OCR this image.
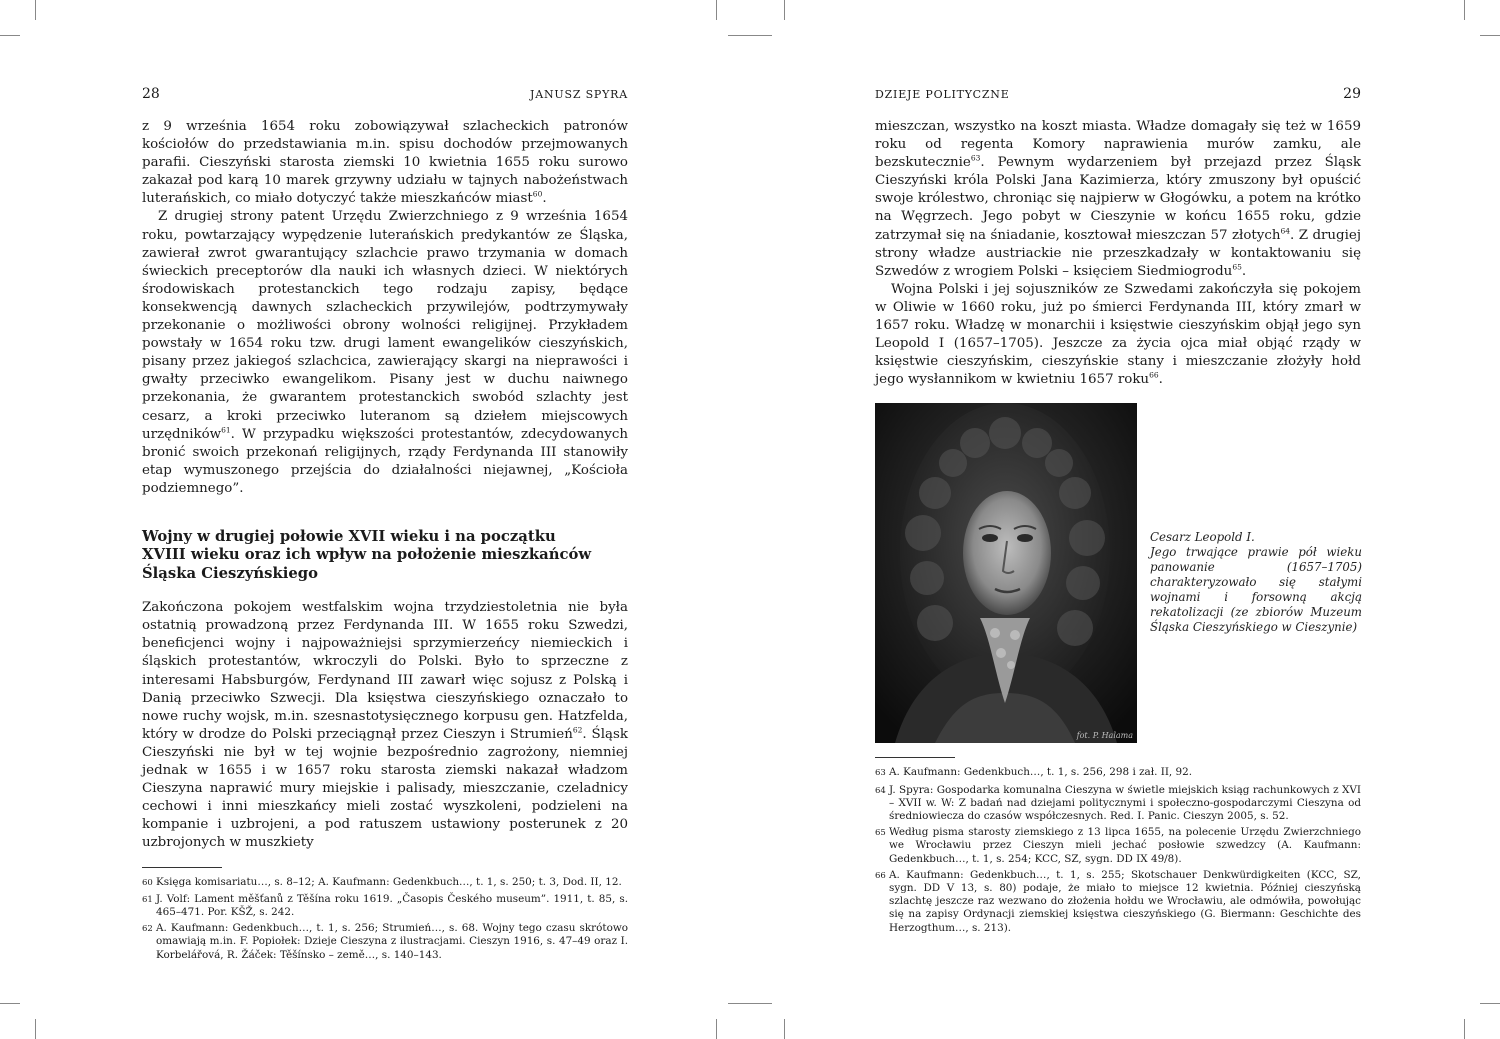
28	JANUSZ SPYRA

z 9 września 1654 roku zobowiązywał szlacheckich patronów kościołów do przedstawiania m.in. spisu dochodów przejmowanych parafii. Cieszyński starosta ziemski 10 kwietnia 1655 roku surowo zakazał pod karą 10 marek grzywny udziału w tajnych nabożeństwach luterańskich, co miało dotyczyć także mieszkańców miast$^{60}$.

Z drugiej strony patent Urzędu Zwierzchniego z 9 września 1654 roku, powtarzający wypędzenie luterańskich predykantów ze Śląska, zawierał zwrot gwarantujący szlachcie prawo trzymania w domach świeckich preceptorów dla nauki ich własnych dzieci. W niektórych środowiskach protestanckich tego rodzaju zapisy, będące konsekwencją dawnych szlacheckich przywilejów, podtrzymywały przekonanie o możliwości obrony wolności religijnej. Przykładem powstały w 1654 roku tzw. drugi lament ewangelików cieszyńskich, pisany przez jakiegoś szlachcica, zawierający skargi na nieprawości i gwałty przeciwko ewangelikom. Pisany jest w duchu naiwnego przekonania, że gwarantem protestanckich swobód szlachty jest cesarz, a kroki przeciwko luteranom są dziełem miejscowych urzędników$^{61}$. W przypadku większości protestantów, zdecydowanych bronić swoich przekonań religijnych, rządy Ferdynanda III stanowiły etap wymuszonego przejścia do działalności niejawnej, „Kościoła podziemnego”.

Wojny w drugiej połowie XVII wieku i na początku XVIII wieku oraz ich wpływ na położenie mieszkańców Śląska Cieszyńskiego

Zakończona pokojem westfalskim wojna trzydziestoletnia nie była ostatnią prowadzoną przez Ferdynanda III. W 1655 roku Szwedzi, beneficjenci wojny i najpoważniejsi sprzymierzeńcy niemieckich i śląskich protestantów, wkroczyli do Polski. Było to sprzeczne z interesami Habsburgów, Ferdynand III zawarł więc sojusz z Polską i Danią przeciwko Szwecji. Dla księstwa cieszyńskiego oznaczało to nowe ruchy wojsk, m.in. szesnastotysięcznego korpusu gen. Hatzfelda, który w drodze do Polski przeciągnął przez Cieszyn i Strumień$^{62}$. Śląsk Cieszyński nie był w tej wojnie bezpośrednio zagrożony, niemniej jednak w 1655 i w 1657 roku starosta ziemski nakazał władzom Cieszyna naprawić mury miejskie i palisady, mieszczanie, czeladnicy cechowi i inni mieszkańcy mieli zostać wyszkoleni, podzieleni na kompanie i uzbrojeni, a pod ratuszem ustawiony posterunek z 20 uzbrojonych w muszkiety

60 Księga komisariatu…, s. 8–12; A. Kaufmann: Gedenkbuch…, t. 1, s. 250; t. 3, Dod. II, 12.
61 J. Volf: Lament měšťanů z Těšína roku 1619. „Časopis Českého museum”. 1911, t. 85, s. 465–471. Por. KŠŽ, s. 242.
62 A. Kaufmann: Gedenkbuch…, t. 1, s. 256; Strumień…, s. 68. Wojny tego czasu skrótowo omawiają m.in. F. Popiołek: Dzieje Cieszyna z ilustracjami. Cieszyn 1916, s. 47–49 oraz I. Korbelářová, R. Žáček: Těšínsko – země…, s. 140–143.
DZIEJE POLITYCZNE	29

mieszczan, wszystko na koszt miasta. Władze domagały się też w 1659 roku od regenta Komory naprawienia murów zamku, ale bezskutecznie$^{63}$. Pewnym wydarzeniem był przejazd przez Śląsk Cieszyński króla Polski Jana Kazimierza, który zmuszony był opuścić swoje królestwo, chroniąc się najpierw w Głogówku, a potem na krótko na Węgrzech. Jego pobyt w Cieszynie w końcu 1655 roku, gdzie zatrzymał się na śniadanie, kosztował mieszczan 57 złotych$^{64}$. Z drugiej strony władze austriackie nie przeszkadzały w kontaktowaniu się Szwedów z wrogiem Polski – księciem Siedmiogrodu$^{65}$.

Wojna Polski i jej sojuszników ze Szwedami zakończyła się pokojem w Oliwie w 1660 roku, już po śmierci Ferdynanda III, który zmarł w 1657 roku. Władzę w monarchii i księstwie cieszyńskim objął jego syn Leopold I (1657–1705). Jeszcze za życia ojca miał objąć rządy w księstwie cieszyńskim, cieszyńskie stany i mieszczanie złożyły hołd jego wysłannikom w kwietniu 1657 roku$^{66}$.

fot. P. Halama
Cesarz Leopold I.
Jego trwające prawie pół wieku panowanie (1657–1705) charakteryzowało się stałymi wojnami i forsowną akcją rekatolizacji (ze zbiorów Muzeum Śląska Cieszyńskiego w Cieszynie)
63 A. Kaufmann: Gedenkbuch…, t. 1, s. 256, 298 i zał. II, 92.
64 J. Spyra: Gospodarka komunalna Cieszyna w świetle miejskich ksiąg rachunkowych z XVI – XVII w. W: Z badań nad dziejami politycznymi i społeczno-gospodarczymi Cieszyna od średniowiecza do czasów współczesnych. Red. I. Panic. Cieszyn 2005, s. 52.
65 Według pisma starosty ziemskiego z 13 lipca 1655, na polecenie Urzędu Zwierzchniego we Wrocławiu przez Cieszyn mieli jechać posłowie szwedzcy (A. Kaufmann: Gedenkbuch…, t. 1, s. 254; KCC, SZ, sygn. DD IX 49/8).
66 A. Kaufmann: Gedenkbuch…, t. 1, s. 255; Skotschauer Denkwürdigkeiten (KCC, SZ, sygn. DD V 13, s. 80) podaje, że miało to miejsce 12 kwietnia. Później cieszyńską szlachtę jeszcze raz wezwano do złożenia hołdu we Wrocławiu, ale odmówiła, powołując się na zapisy Ordynacji ziemskiej księstwa cieszyńskiego (G. Biermann: Geschichte des Herzogthum…, s. 213).
